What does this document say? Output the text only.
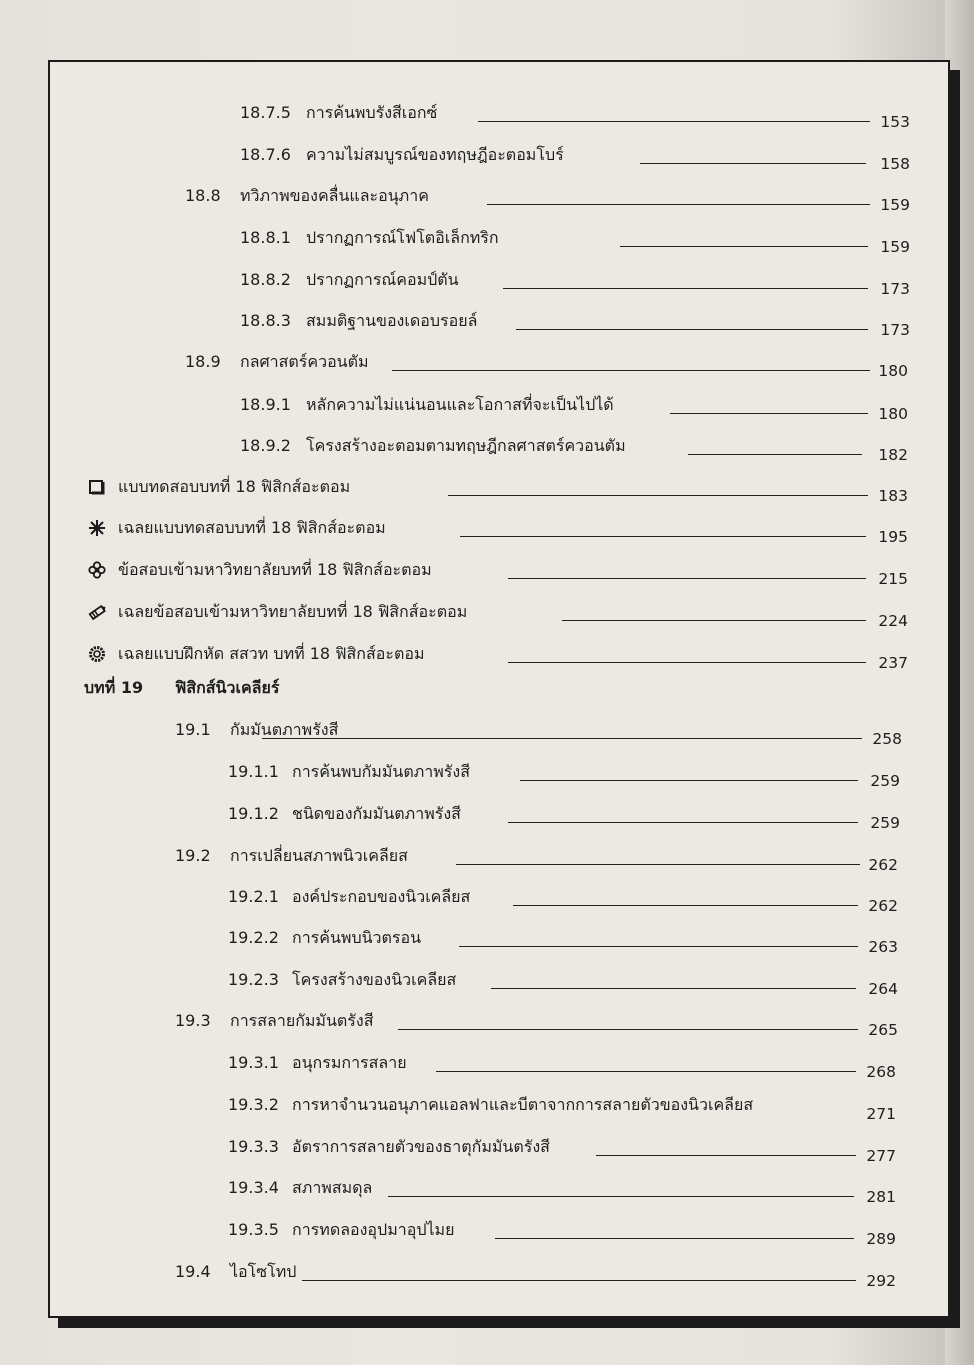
18.7.5 การค้นพบรังสีเอกซ์	153
18.7.6 ความไม่สมบูรณ์ของทฤษฎีอะตอมโบร์	158
18.8 ทวิภาพของคลื่นและอนุภาค	159
18.8.1 ปรากฏการณ์โฟโตอิเล็กทริก	159
18.8.2 ปรากฏการณ์คอมป์ตัน	173
18.8.3 สมมติฐานของเดอบรอยล์	173
18.9 กลศาสตร์ควอนตัม	180
18.9.1 หลักความไม่แน่นอนและโอกาสที่จะเป็นไปได้	180
18.9.2 โครงสร้างอะตอมตามทฤษฎีกลศาสตร์ควอนตัม	182
แบบทดสอบบทที่ 18 ฟิสิกส์อะตอม	183
เฉลยแบบทดสอบบทที่ 18 ฟิสิกส์อะตอม	195
ข้อสอบเข้ามหาวิทยาลัยบทที่ 18 ฟิสิกส์อะตอม	215
เฉลยข้อสอบเข้ามหาวิทยาลัยบทที่ 18 ฟิสิกส์อะตอม	224
เฉลยแบบฝึกหัด สสวท บทที่ 18 ฟิสิกส์อะตอม	237
บทที่ 19 ฟิสิกส์นิวเคลียร์
19.1 กัมมันตภาพรังสี	258
19.1.1 การค้นพบกัมมันตภาพรังสี	259
19.1.2 ชนิดของกัมมันตภาพรังสี	259
19.2 การเปลี่ยนสภาพนิวเคลียส	262
19.2.1 องค์ประกอบของนิวเคลียส	262
19.2.2 การค้นพบนิวตรอน	263
19.2.3 โครงสร้างของนิวเคลียส	264
19.3 การสลายกัมมันตรังสี	265
19.3.1 อนุกรมการสลาย	268
19.3.2 การหาจำนวนอนุภาคแอลฟาและบีตาจากการสลายตัวของนิวเคลียส	271
19.3.3 อัตราการสลายตัวของธาตุกัมมันตรังสี	277
19.3.4 สภาพสมดุล	281
19.3.5 การทดลองอุปมาอุปไมย	289
19.4 ไอโซโทป	292
